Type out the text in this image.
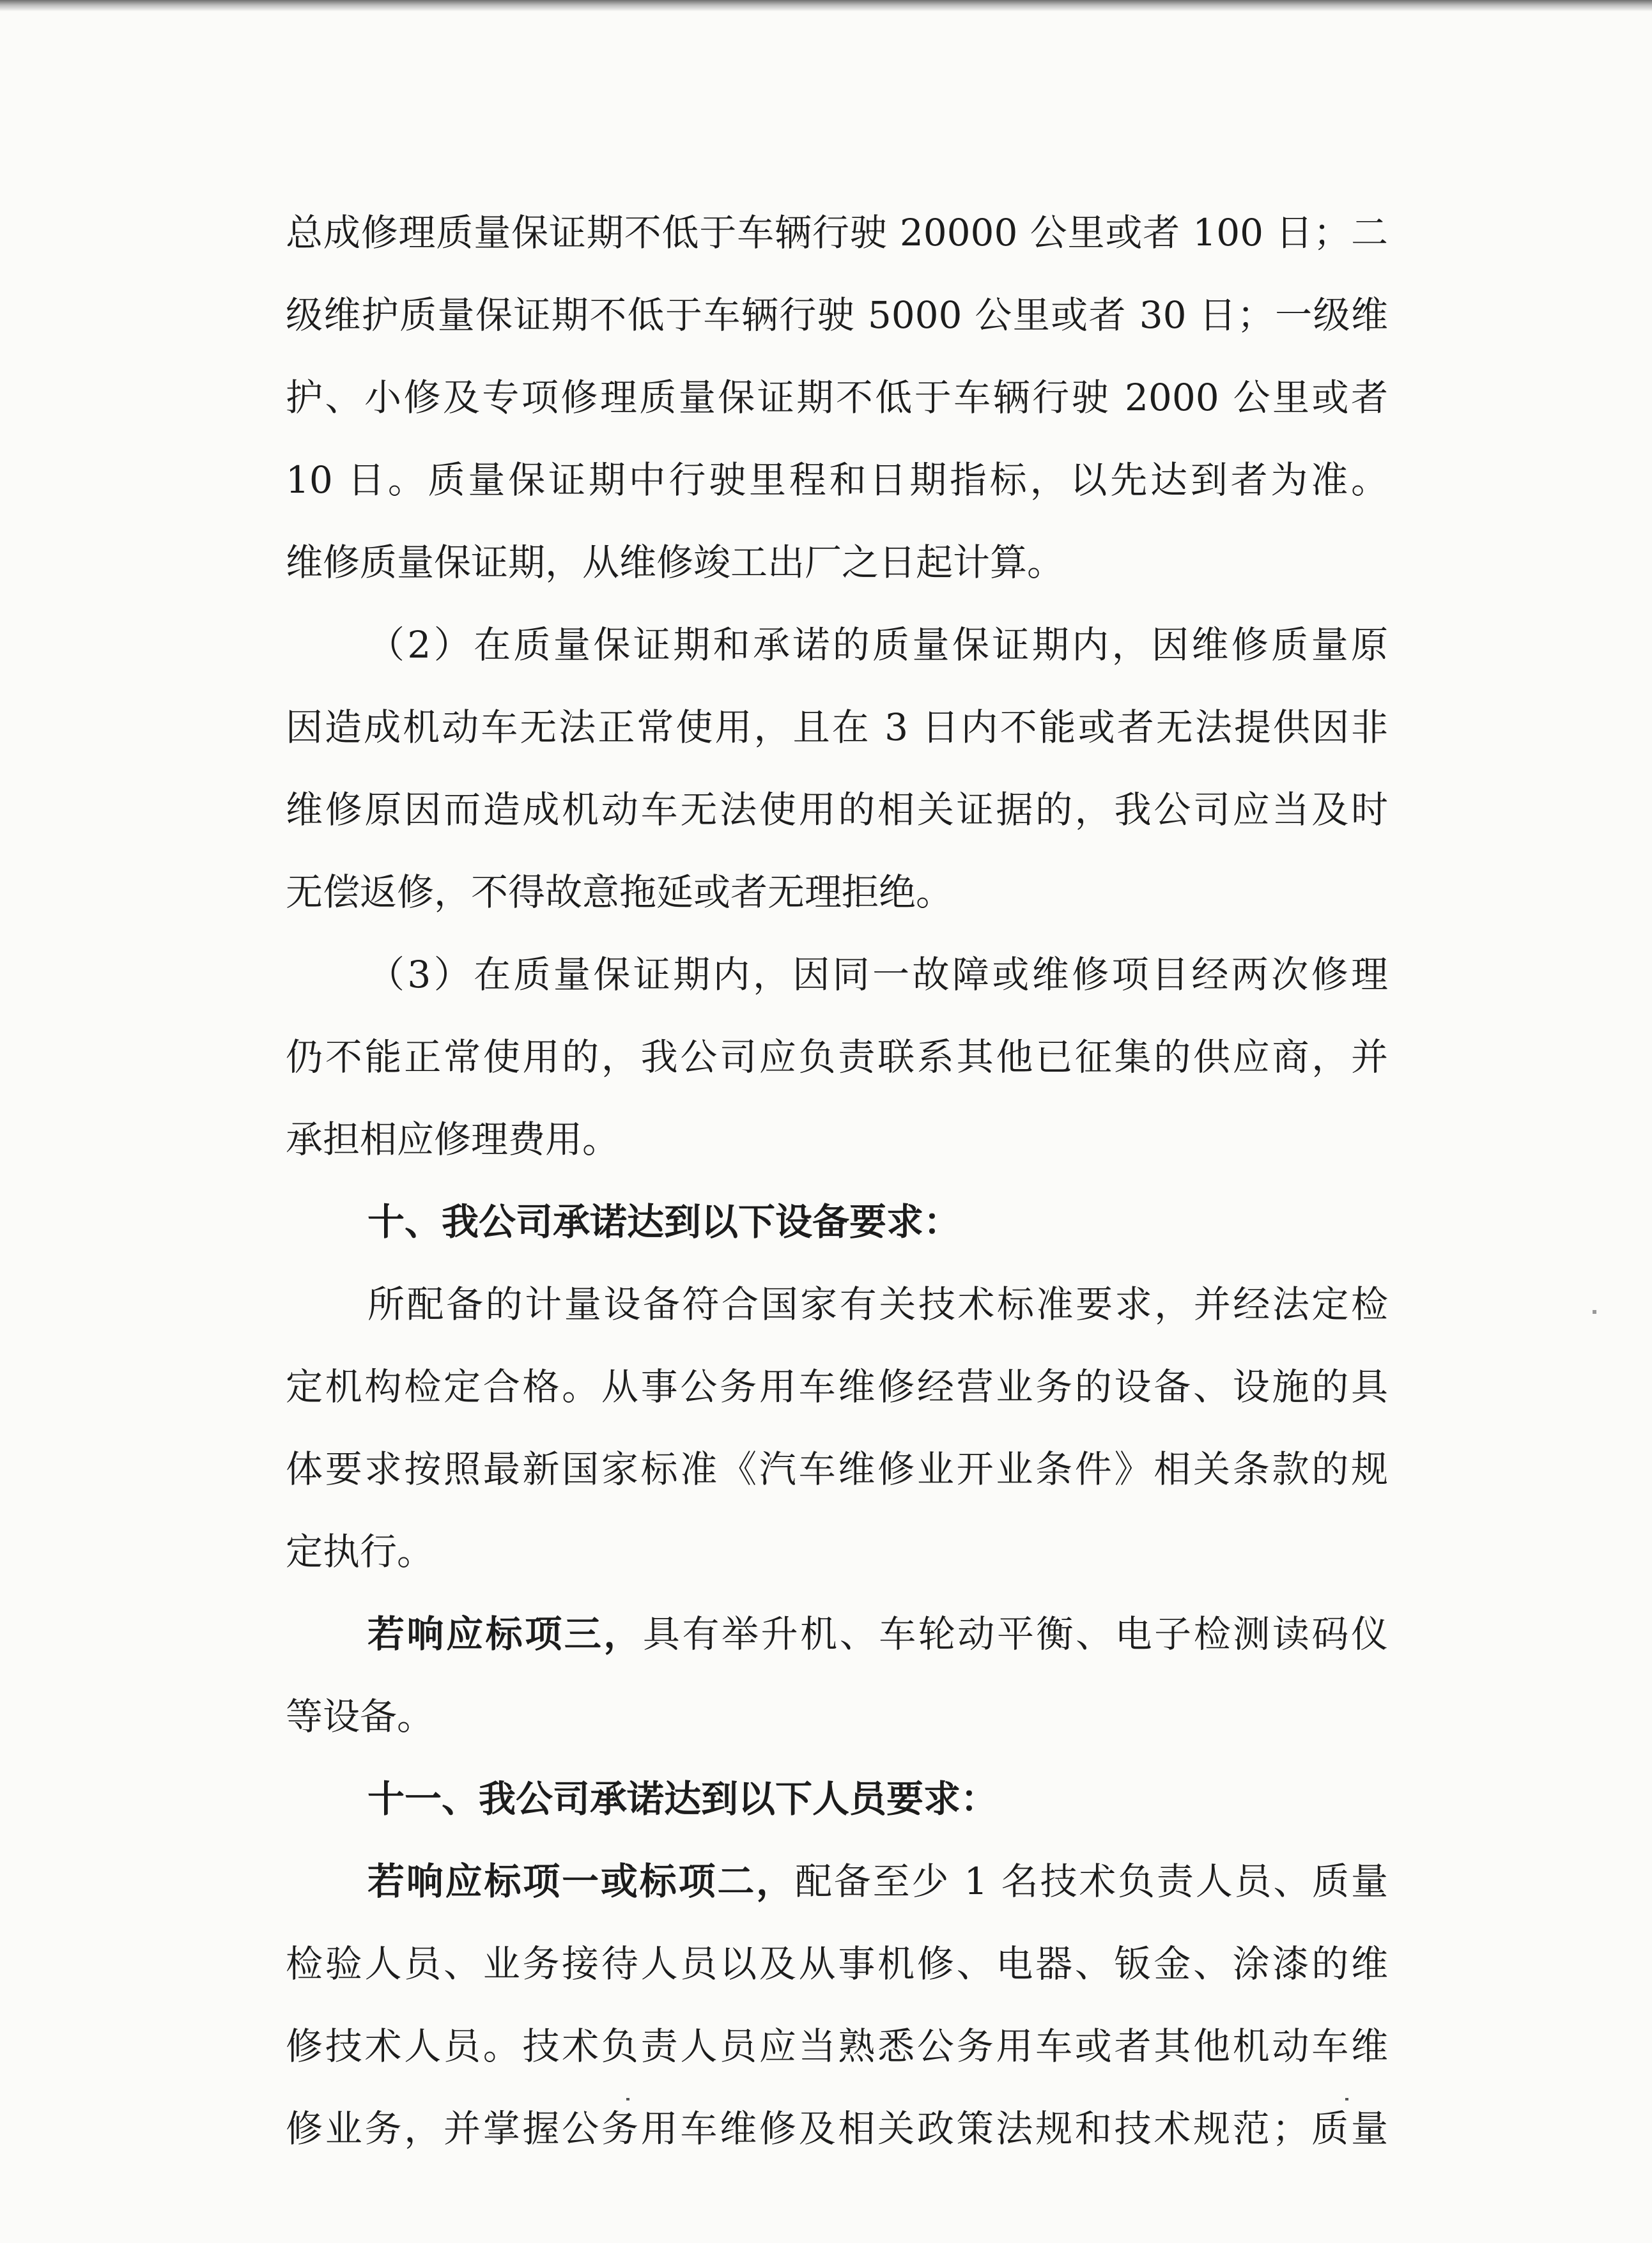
总成修理质量保证期不低于车辆行驶 20000 公里或者 100 日；二
级维护质量保证期不低于车辆行驶 5000 公里或者 30 日；一级维
护、小修及专项修理质量保证期不低于车辆行驶 2000 公里或者
10 日。质量保证期中行驶里程和日期指标，以先达到者为准。
维修质量保证期，从维修竣工出厂之日起计算。
（2）在质量保证期和承诺的质量保证期内，因维修质量原
因造成机动车无法正常使用，且在 3 日内不能或者无法提供因非
维修原因而造成机动车无法使用的相关证据的，我公司应当及时
无偿返修，不得故意拖延或者无理拒绝。
（3）在质量保证期内，因同一故障或维修项目经两次修理
仍不能正常使用的，我公司应负责联系其他已征集的供应商，并
承担相应修理费用。
十、我公司承诺达到以下设备要求：
所配备的计量设备符合国家有关技术标准要求，并经法定检
定机构检定合格。从事公务用车维修经营业务的设备、设施的具
体要求按照最新国家标准《汽车维修业开业条件》相关条款的规
定执行。
若响应标项三，具有举升机、车轮动平衡、电子检测读码仪
等设备。
十一、我公司承诺达到以下人员要求：
若响应标项一或标项二，配备至少 1 名技术负责人员、质量
检验人员、业务接待人员以及从事机修、电器、钣金、涂漆的维
修技术人员。技术负责人员应当熟悉公务用车或者其他机动车维
修业务，并掌握公务用车维修及相关政策法规和技术规范；质量
